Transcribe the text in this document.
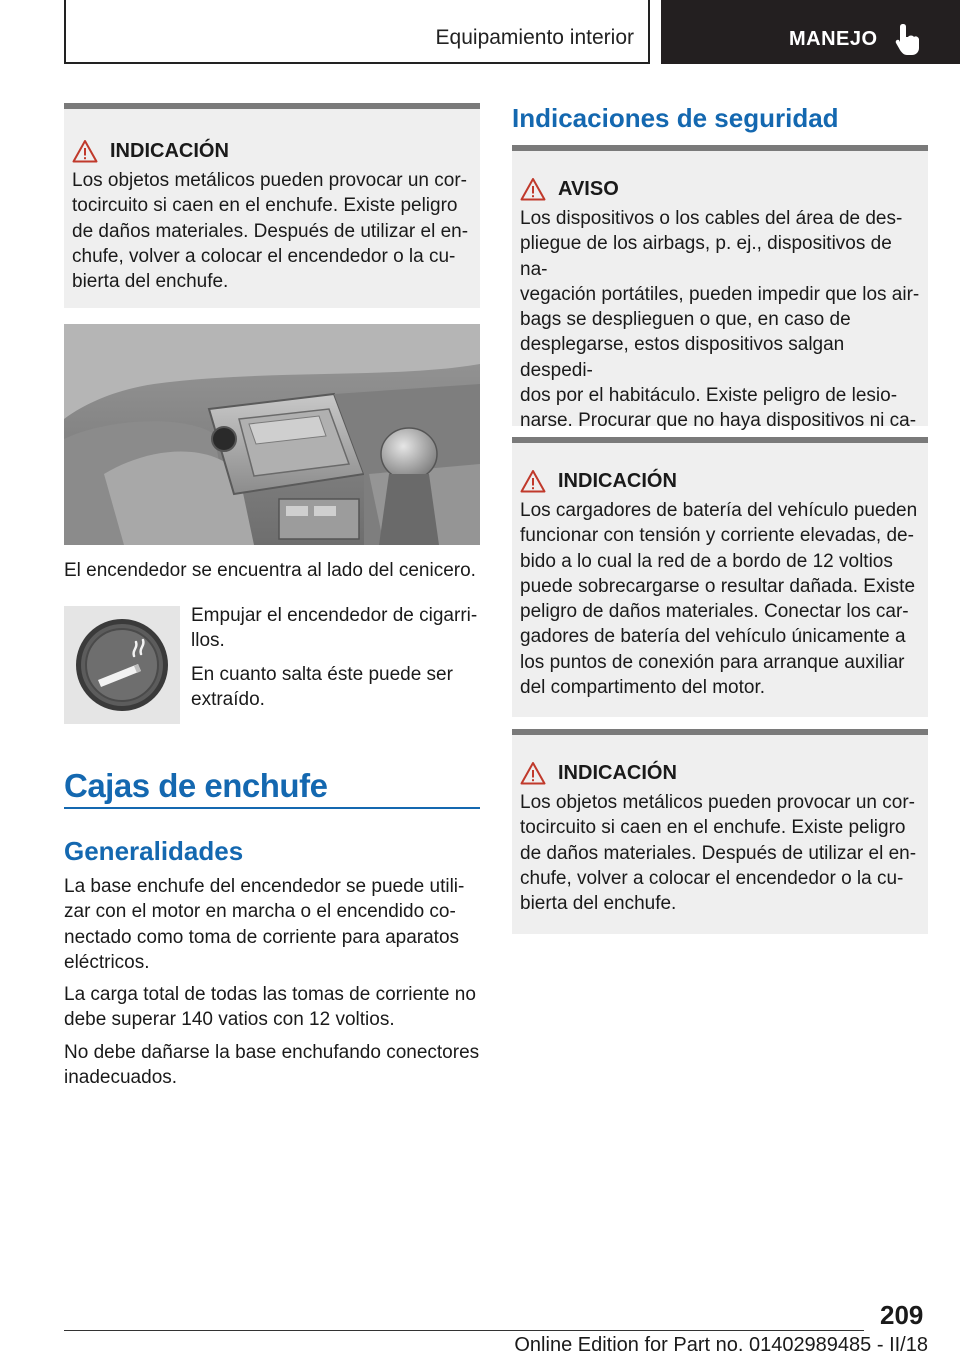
Equipamiento interior	MANEJO
INDICACIÓN
Los objetos metálicos pueden provocar un cor‐
tocircuito si caen en el enchufe. Existe peligro
de daños materiales. Después de utilizar el en‐
chufe, volver a colocar el encendedor o la cu‐
bierta del enchufe.
El encendedor se encuentra al lado del cenicero.
Empujar el encendedor de cigarri‐
llos.
En cuanto salta éste puede ser
extraído.
Cajas de enchufe
Generalidades
La base enchufe del encendedor se puede utili‐
zar con el motor en marcha o el encendido co‐
nectado como toma de corriente para aparatos
eléctricos.
La carga total de todas las tomas de corriente no
debe superar 140 vatios con 12 voltios.
No debe dañarse la base enchufando conectores
inadecuados.
Indicaciones de seguridad
AVISO
Los dispositivos o los cables del área de des‐
pliegue de los airbags, p. ej., dispositivos de na‐
vegación portátiles, pueden impedir que los air‐
bags se desplieguen o que, en caso de
desplegarse, estos dispositivos salgan despedi‐
dos por el habitáculo. Existe peligro de lesio‐
narse. Procurar que no haya dispositivos ni ca‐
INDICACIÓN
Los cargadores de batería del vehículo pueden
funcionar con tensión y corriente elevadas, de‐
bido a lo cual la red de a bordo de 12 voltios
puede sobrecargarse o resultar dañada. Existe
peligro de daños materiales. Conectar los car‐
gadores de batería del vehículo únicamente a
los puntos de conexión para arranque auxiliar
del compartimento del motor.
INDICACIÓN
Los objetos metálicos pueden provocar un cor‐
tocircuito si caen en el enchufe. Existe peligro
de daños materiales. Después de utilizar el en‐
chufe, volver a colocar el encendedor o la cu‐
bierta del enchufe.
209
Online Edition for Part no. 01402989485 - II/18
